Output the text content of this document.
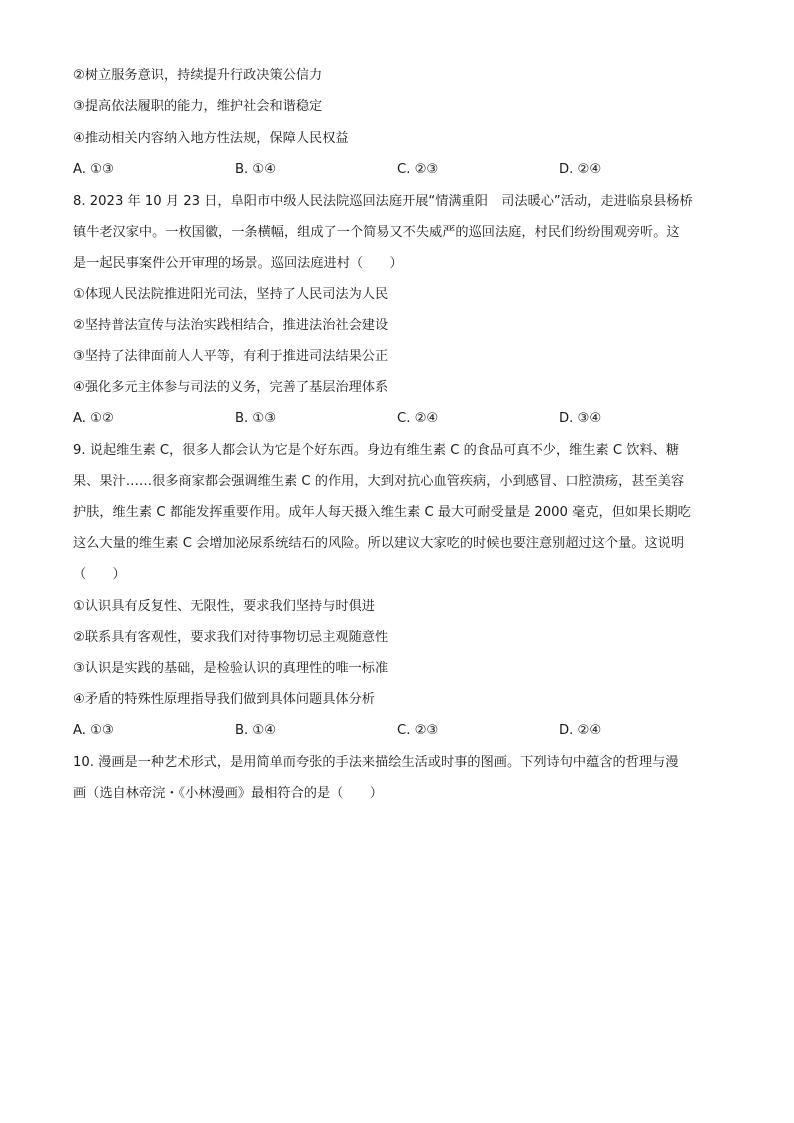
②树立服务意识，持续提升行政决策公信力
③提高依法履职的能力，维护社会和谐稳定
④推动相关内容纳入地方性法规，保障人民权益
A. ①③	B. ①④	C. ②③	D. ②④
8. 2023 年 10 月 23 日，阜阳市中级人民法院巡回法庭开展“情满重阳　司法暖心”活动，走进临泉县杨桥
镇牛老汉家中。一枚国徽，一条横幅，组成了一个简易又不失威严的巡回法庭，村民们纷纷围观旁听。这
是一起民事案件公开审理的场景。巡回法庭进村（　　）
①体现人民法院推进阳光司法，坚持了人民司法为人民
②坚持普法宣传与法治实践相结合，推进法治社会建设
③坚持了法律面前人人平等，有利于推进司法结果公正
④强化多元主体参与司法的义务，完善了基层治理体系
A. ①②	B. ①③	C. ②④	D. ③④
9. 说起维生素 C，很多人都会认为它是个好东西。身边有维生素 C 的食品可真不少，维生素 C 饮料、糖
果、果汁……很多商家都会强调维生素 C 的作用，大到对抗心血管疾病，小到感冒、口腔溃疡，甚至美容
护肤，维生素 C 都能发挥重要作用。成年人每天摄入维生素 C 最大可耐受量是 2000 毫克，但如果长期吃
这么大量的维生素 C 会增加泌尿系统结石的风险。所以建议大家吃的时候也要注意别超过这个量。这说明
（　　）
①认识具有反复性、无限性，要求我们坚持与时俱进
②联系具有客观性，要求我们对待事物切忌主观随意性
③认识是实践的基础，是检验认识的真理性的唯一标准
④矛盾的特殊性原理指导我们做到具体问题具体分析
A. ①③	B. ①④	C. ②③	D. ②④
10. 漫画是一种艺术形式，是用简单而夸张的手法来描绘生活或时事的图画。下列诗句中蕴含的哲理与漫
画（选自林帝浣・《小林漫画》最相符合的是（　　）
